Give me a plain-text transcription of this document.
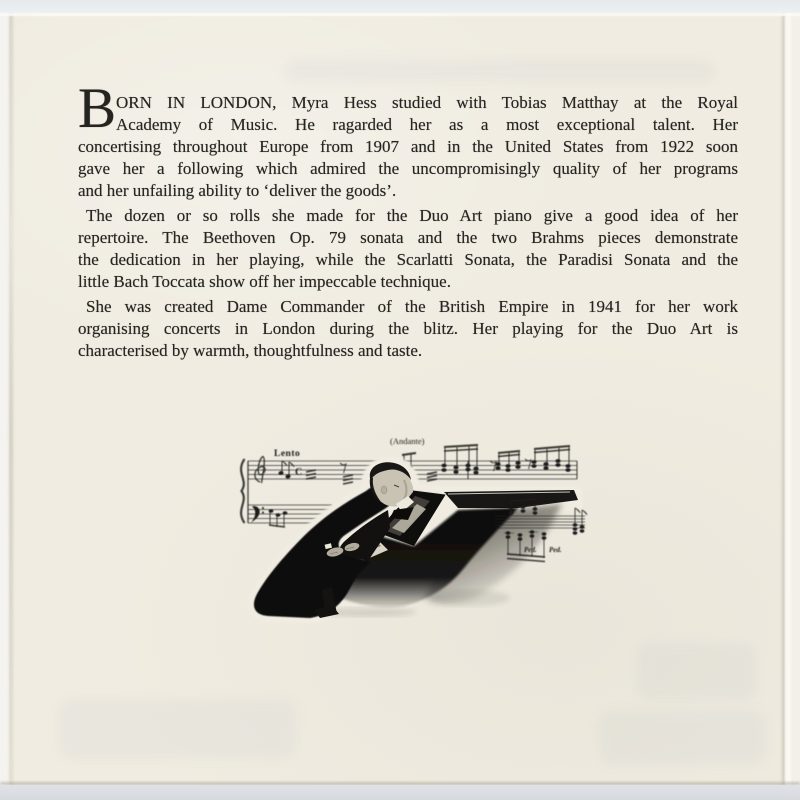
B ORN IN LONDON, Myra Hess studied with Tobias Matthay at the Royal
Academy of Music. He ragarded her as a most exceptional talent. Her
concertising throughout Europe from 1907 and in the United States from 1922 soon
gave her a following which admired the uncompromisingly quality of her programs
and her unfailing ability to ‘deliver the goods’.
The dozen or so rolls she made for the Duo Art piano give a good idea of her
repertoire. The Beethoven Op. 79 sonata and the two Brahms pieces demonstrate
the dedication in her playing, while the Scarlatti Sonata, the Paradisi Sonata and the
little Bach Toccata show off her impeccable technique.
She was created Dame Commander of the British Empire in 1941 for her work
organising concerts in London during the blitz. Her playing for the Duo Art is
characterised by warmth, thoughtfulness and taste.
C
Lento
(Andante)
Ped. Ped.
